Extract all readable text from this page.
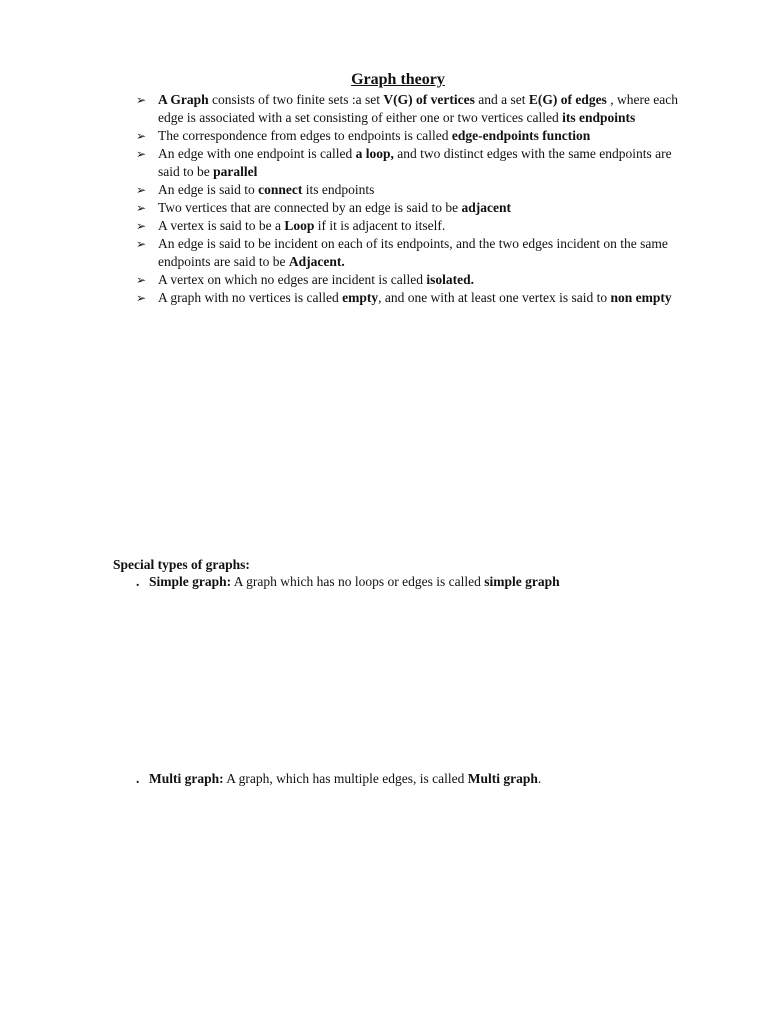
Graph theory
➢ A Graph consists of two finite sets :a set V(G) of vertices and a set E(G) of edges , where each edge is associated with a set consisting of either one or two vertices called its endpoints
➢ The correspondence from edges to endpoints is called edge-endpoints function
➢ An edge with one endpoint is called a loop, and two distinct edges with the same endpoints are said to be parallel
➢ An edge is said to connect its endpoints
➢ Two vertices that are connected by an edge is said to be adjacent
➢ A vertex is said to be a Loop if it is adjacent to itself.
➢ An edge is said to be incident on each of its endpoints, and the two edges incident on the same endpoints are said to be Adjacent.
➢ A vertex on which no edges are incident is called isolated.
➢ A graph with no vertices is called empty, and one with at least one vertex is said to non empty
Special types of graphs:
. Simple graph: A graph which has no loops or edges is called simple graph
. Multi graph: A graph, which has multiple edges, is called Multi graph.
